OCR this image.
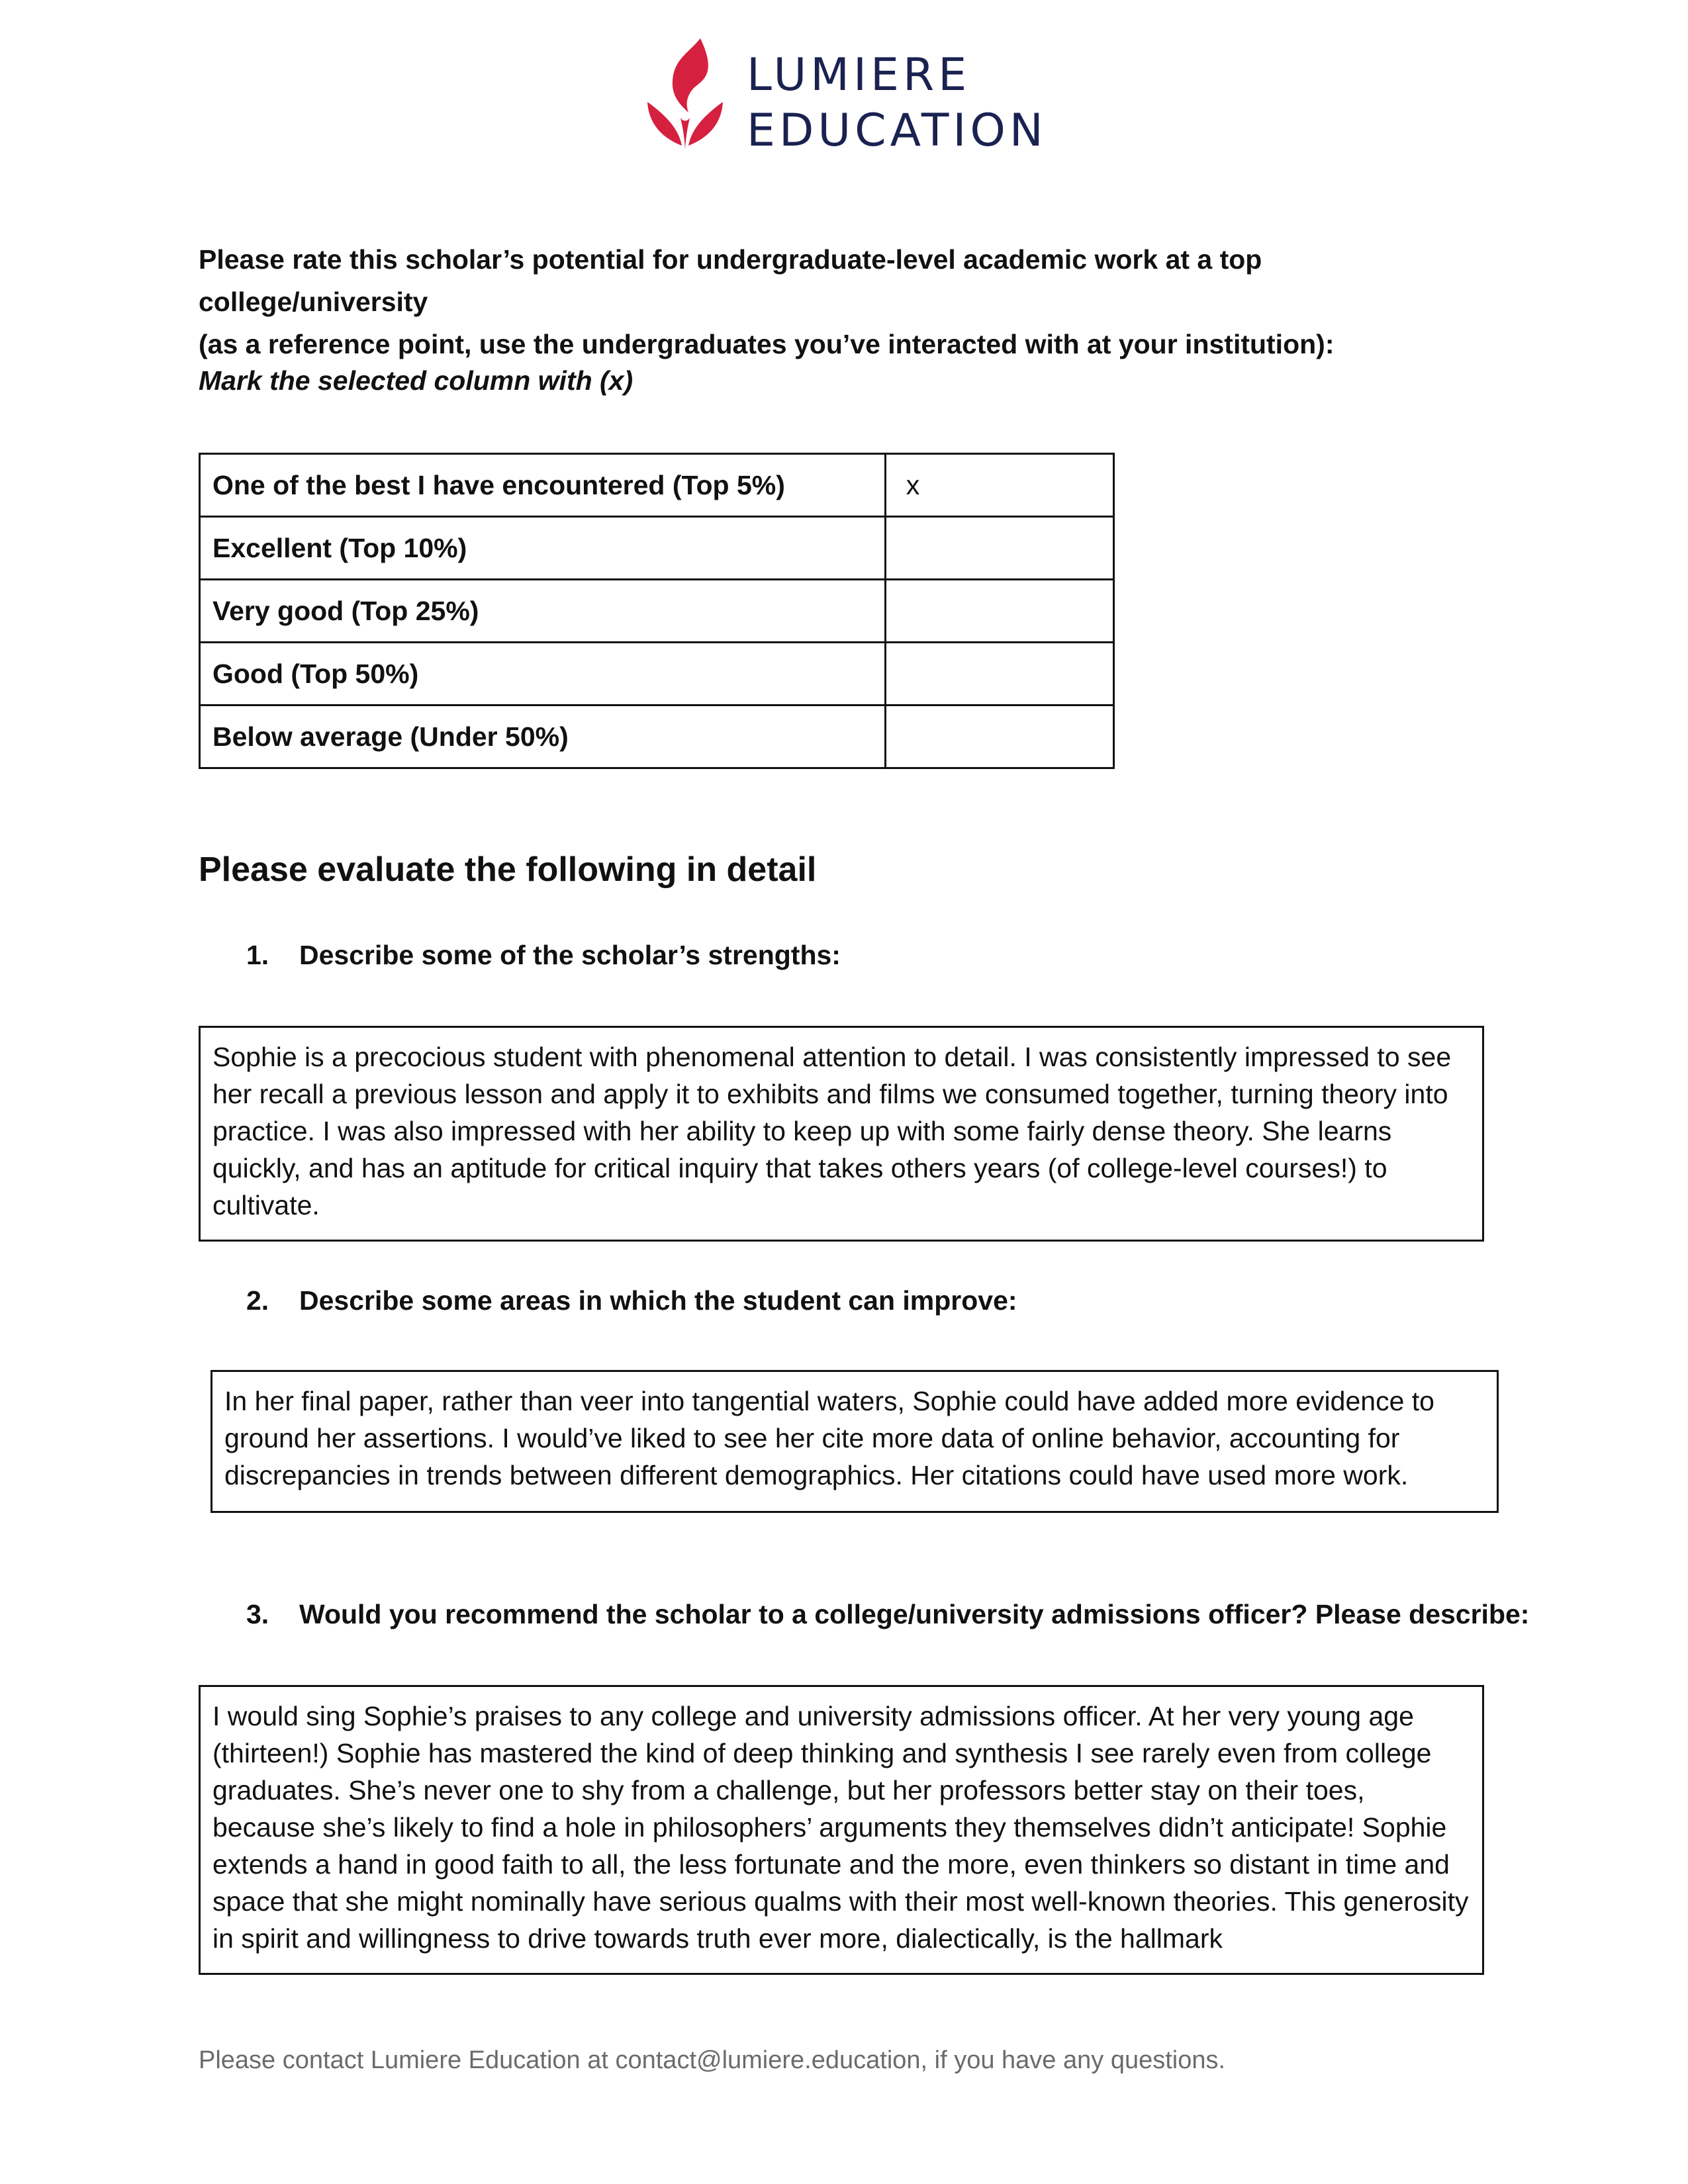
LUMIERE
EDUCATION
Please rate this scholar’s potential for undergraduate-level academic work at a top college/university
(as a reference point, use the undergraduates you’ve interacted with at your institution):
Mark the selected column with (x)
One of the best I have encountered (Top 5%)	x
Excellent (Top 10%)	
Very good (Top 25%)	
Good (Top 50%)	
Below average (Under 50%)	
Please evaluate the following in detail
1. Describe some of the scholar’s strengths:
Sophie is a precocious student with phenomenal attention to detail. I was consistently impressed to see her recall a previous lesson and apply it to exhibits and films we consumed together, turning theory into practice. I was also impressed with her ability to keep up with some fairly dense theory. She learns quickly, and has an aptitude for critical inquiry that takes others years (of college-level courses!) to cultivate.
2. Describe some areas in which the student can improve:
In her final paper, rather than veer into tangential waters, Sophie could have added more evidence to ground her assertions. I would’ve liked to see her cite more data of online behavior, accounting for discrepancies in trends between different demographics. Her citations could have used more work.
3. Would you recommend the scholar to a college/university admissions officer? Please describe:
I would sing Sophie’s praises to any college and university admissions officer. At her very young age (thirteen!) Sophie has mastered the kind of deep thinking and synthesis I see rarely even from college graduates. She’s never one to shy from a challenge, but her professors better stay on their toes, because she’s likely to find a hole in philosophers’ arguments they themselves didn’t anticipate! Sophie extends a hand in good faith to all, the less fortunate and the more, even thinkers so distant in time and space that she might nominally have serious qualms with their most well-known theories. This generosity in spirit and willingness to drive towards truth ever more, dialectically, is the hallmark
Please contact Lumiere Education at contact@lumiere.education, if you have any questions.
